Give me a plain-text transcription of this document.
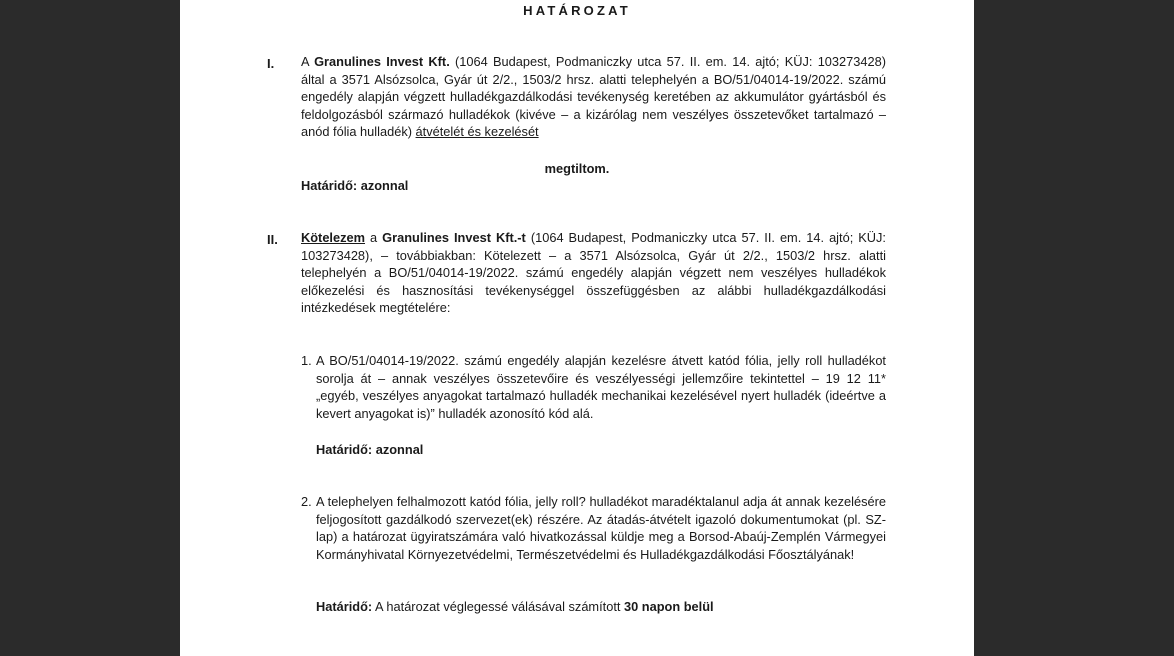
HATÁROZAT
I. A Granulines Invest Kft. (1064 Budapest, Podmaniczky utca 57. II. em. 14. ajtó; KÜJ: 103273428) által a 3571 Alsózsolca, Gyár út 2/2., 1503/2 hrsz. alatti telephelyén a BO/51/04014-19/2022. számú engedély alapján végzett hulladékgazdálkodási tevékenység keretében az akkumulátor gyártásból és feldolgozásból származó hulladékok (kivéve – a kizárólag nem veszélyes összetevőket tartalmazó – anód fólia hulladék) átvételét és kezelését
megtiltom.
Határidő: azonnal
II. Kötelezem a Granulines Invest Kft.-t (1064 Budapest, Podmaniczky utca 57. II. em. 14. ajtó; KÜJ: 103273428), – továbbiakban: Kötelezett – a 3571 Alsózsolca, Gyár út 2/2., 1503/2 hrsz. alatti telephelyén a BO/51/04014-19/2022. számú engedély alapján végzett nem veszélyes hulladékok előkezelési és hasznosítási tevékenységgel összefüggésben az alábbi hulladékgazdálkodási intézkedések megtételére:
1. A BO/51/04014-19/2022. számú engedély alapján kezelésre átvett katód fólia, jelly roll hulladékot sorolja át – annak veszélyes összetevőire és veszélyességi jellemzőire tekintettel – 19 12 11* „egyéb, veszélyes anyagokat tartalmazó hulladék mechanikai kezelésével nyert hulladék (ideértve a kevert anyagokat is)” hulladék azonosító kód alá.
Határidő: azonnal
2. A telephelyen felhalmozott katód fólia, jelly roll? hulladékot maradéktalanul adja át annak kezelésére feljogosított gazdálkodó szervezet(ek) részére. Az átadás-átvételt igazoló dokumentumokat (pl. SZ-lap) a határozat ügyiratszámára való hivatkozással küldje meg a Borsod-Abaúj-Zemplén Vármegyei Kormányhivatal Környezetvédelmi, Természetvédelmi és Hulladékgazdálkodási Főosztályának!
Határidő: A határozat véglegessé válásával számított 30 napon belül
